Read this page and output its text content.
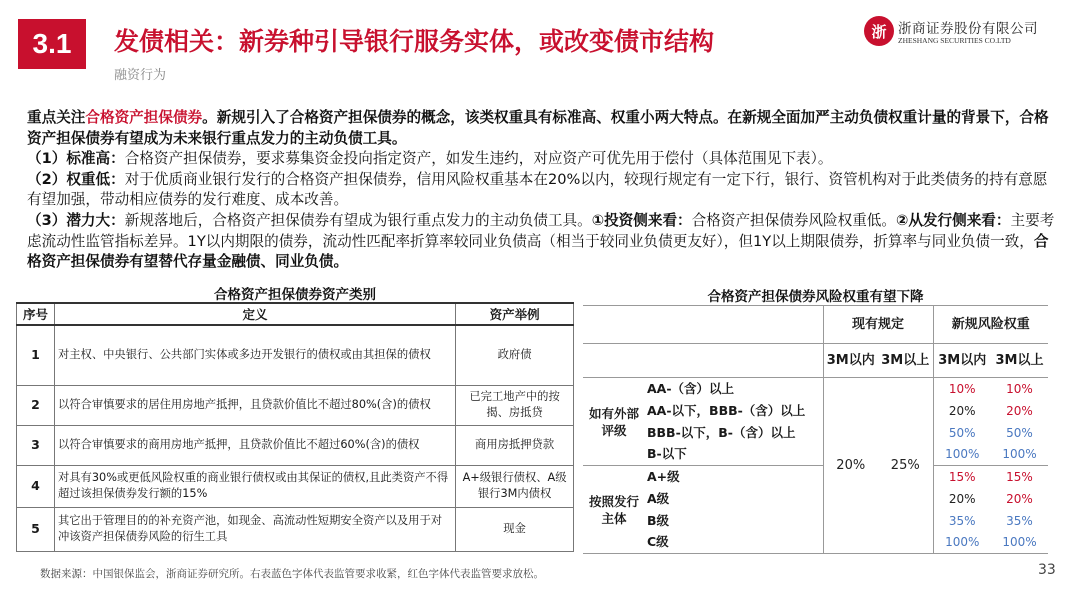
3.1	发债相关：新券种引导银行服务实体，或改变债市结构
融资行为
浙 浙商证券股份有限公司
ZHESHANG SECURITIES CO.LTD

重点关注合格资产担保债券。新规引入了合格资产担保债券的概念，该类权重具有标准高、权重小两大特点。在新规全面加严主动负债权重计量的背景下，合格资产担保债券有望成为未来银行重点发力的主动负债工具。

（1）标准高：合格资产担保债券，要求募集资金投向指定资产，如发生违约，对应资产可优先用于偿付（具体范围见下表）。

（2）权重低：对于优质商业银行发行的合格资产担保债券，信用风险权重基本在20%以内，较现行规定有一定下行，银行、资管机构对于此类债务的持有意愿有望加强，带动相应债券的发行难度、成本改善。

（3）潜力大：新规落地后，合格资产担保债券有望成为银行重点发力的主动负债工具。①投资侧来看：合格资产担保债券风险权重低。②从发行侧来看：主要考虑流动性监管指标差异。1Y以内期限的债券，流动性匹配率折算率较同业负债高（相当于较同业负债更友好），但1Y以上期限债券，折算率与同业负债一致，合格资产担保债券有望替代存量金融债、同业负债。

合格资产担保债券资产类别	合格资产担保债券风险权重有望下降
序号	定义	资产举例
1	对主权、中央银行、公共部门实体或多边开发银行的债权或由其担保的债权	政府债
2	以符合审慎要求的居住用房地产抵押，且贷款价值比不超过80%(含)的债权	已完工地产中的按揭、房抵贷
3	以符合审慎要求的商用房地产抵押，且贷款价值比不超过60%(含)的债权	商用房抵押贷款
4	对具有30%或更低风险权重的商业银行债权或由其保证的债权,且此类资产不得超过该担保债券发行额的15%	A+级银行债权、A级银行3M内债权
5	其它出于管理目的的补充资产池，如现金、高流动性短期安全资产以及用于对冲该资产担保债券风险的衍生工具	现金
		现有规定		新规风险权重	
		3M以内	3M以上	3M以内	3M以上
如有外部评级	AA-（含）以上	20%	25%	10%	10%
	AA-以下，BBB-（含）以上			20%	20%
	BBB-以下，B-（含）以上			50%	50%
	B-以下			100%	100%
按照发行主体	A+级			15%	15%
	A级			20%	20%
	B级			35%	35%
	C级			100%	100%
数据来源：中国银保监会，浙商证券研究所。右表蓝色字体代表监管要求收紧，红色字体代表监管要求放松。	33
